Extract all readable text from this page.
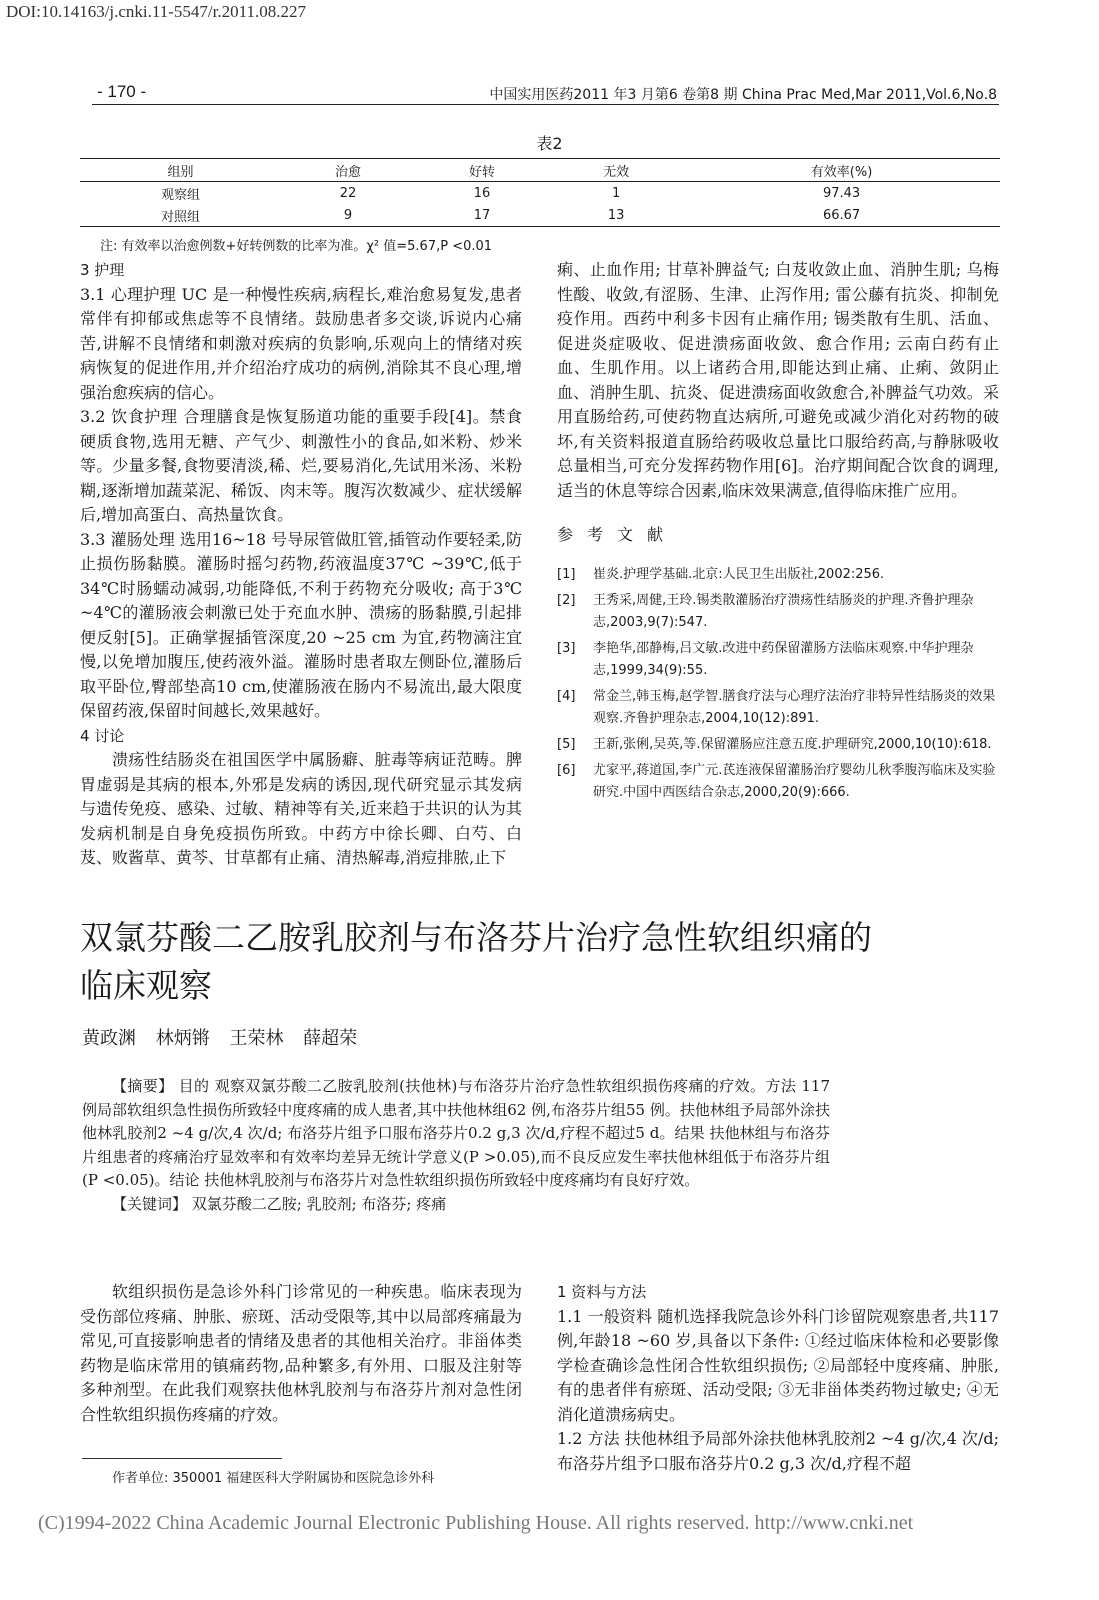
DOI:10.14163/j.cnki.11-5547/r.2011.08.227
- 170 -	中国实用医药2011 年3 月第6 卷第8 期 China Prac Med,Mar 2011,Vol.6,No.8
表2
组别	治愈	好转	无效	有效率(%)
观察组	22	16	1	97.43
对照组	9	17	13	66.67
注: 有效率以治愈例数+好转例数的比率为准。χ² 值=5.67,P <0.01

3 护理

3.1 心理护理 UC 是一种慢性疾病,病程长,难治愈易复发,患者常伴有抑郁或焦虑等不良情绪。鼓励患者多交谈,诉说内心痛苦,讲解不良情绪和刺激对疾病的负影响,乐观向上的情绪对疾病恢复的促进作用,并介绍治疗成功的病例,消除其不良心理,增强治愈疾病的信心。

3.2 饮食护理 合理膳食是恢复肠道功能的重要手段[4]。禁食硬质食物,选用无糖、产气少、刺激性小的食品,如米粉、炒米等。少量多餐,食物要清淡,稀、烂,要易消化,先试用米汤、米粉糊,逐渐增加蔬菜泥、稀饭、肉末等。腹泻次数减少、症状缓解后,增加高蛋白、高热量饮食。

3.3 灌肠处理 选用16~18 号导尿管做肛管,插管动作要轻柔,防止损伤肠黏膜。灌肠时摇匀药物,药液温度37℃ ~39℃,低于34℃时肠蠕动减弱,功能降低,不利于药物充分吸收; 高于3℃ ~4℃的灌肠液会刺激已处于充血水肿、溃疡的肠黏膜,引起排便反射[5]。正确掌握插管深度,20 ~25 cm 为宜,药物滴注宜慢,以免增加腹压,使药液外溢。灌肠时患者取左侧卧位,灌肠后取平卧位,臀部垫高10 cm,使灌肠液在肠内不易流出,最大限度保留药液,保留时间越长,效果越好。

4 讨论

溃疡性结肠炎在祖国医学中属肠癖、脏毒等病证范畴。脾胃虚弱是其病的根本,外邪是发病的诱因,现代研究显示其发病与遗传免疫、感染、过敏、精神等有关,近来趋于共识的认为其发病机制是自身免疫损伤所致。中药方中徐长卿、白芍、白芨、败酱草、黄芩、甘草都有止痛、清热解毒,消痘排脓,止下

痢、止血作用; 甘草补脾益气; 白芨收敛止血、消肿生肌; 乌梅性酸、收敛,有涩肠、生津、止泻作用; 雷公藤有抗炎、抑制免疫作用。西药中利多卡因有止痛作用; 锡类散有生肌、活血、促进炎症吸收、促进溃疡面收敛、愈合作用; 云南白药有止血、生肌作用。以上诸药合用,即能达到止痛、止痢、敛阴止血、消肿生肌、抗炎、促进溃疡面收敛愈合,补脾益气功效。采用直肠给药,可使药物直达病所,可避免或减少消化对药物的破坏,有关资料报道直肠给药吸收总量比口服给药高,与静脉吸收总量相当,可充分发挥药物作用[6]。治疗期间配合饮食的调理,适当的休息等综合因素,临床效果满意,值得临床推广应用。

参考文献

[1]	崔炎.护理学基础.北京:人民卫生出版社,2002:256.
[2]	王秀采,周健,王玲.锡类散灌肠治疗溃疡性结肠炎的护理.齐鲁护理杂志,2003,9(7):547.
[3]	李艳华,邵静梅,吕文敏.改进中药保留灌肠方法临床观察.中华护理杂志,1999,34(9):55.
[4]	常金兰,韩玉梅,赵学智.膳食疗法与心理疗法治疗非特异性结肠炎的效果观察.齐鲁护理杂志,2004,10(12):891.
[5]	王新,张俐,吴英,等.保留灌肠应注意五度.护理研究,2000,10(10):618.
[6]	尤家平,蒋道国,李广元.芪连液保留灌肠治疗婴幼儿秋季腹泻临床及实验研究.中国中西医结合杂志,2000,20(9):666.
双氯芬酸二乙胺乳胶剂与布洛芬片治疗急性软组织痛的临床观察
黄政渊 林炳锵 王荣林 薛超荣

【摘要】 目的 观察双氯芬酸二乙胺乳胶剂(扶他林)与布洛芬片治疗急性软组织损伤疼痛的疗效。方法 117 例局部软组织急性损伤所致轻中度疼痛的成人患者,其中扶他林组62 例,布洛芬片组55 例。扶他林组予局部外涂扶他林乳胶剂2 ~4 g/次,4 次/d; 布洛芬片组予口服布洛芬片0.2 g,3 次/d,疗程不超过5 d。结果 扶他林组与布洛芬片组患者的疼痛治疗显效率和有效率均差异无统计学意义(P >0.05),而不良反应发生率扶他林组低于布洛芬片组(P <0.05)。结论 扶他林乳胶剂与布洛芬片对急性软组织损伤所致轻中度疼痛均有良好疗效。

【关键词】 双氯芬酸二乙胺; 乳胶剂; 布洛芬; 疼痛

软组织损伤是急诊外科门诊常见的一种疾患。临床表现为受伤部位疼痛、肿胀、瘀斑、活动受限等,其中以局部疼痛最为常见,可直接影响患者的情绪及患者的其他相关治疗。非甾体类药物是临床常用的镇痛药物,品种繁多,有外用、口服及注射等多种剂型。在此我们观察扶他林乳胶剂与布洛芬片剂对急性闭合性软组织损伤疼痛的疗效。

1 资料与方法

1.1 一般资料 随机选择我院急诊外科门诊留院观察患者,共117 例,年龄18 ~60 岁,具备以下条件: ①经过临床体检和必要影像学检查确诊急性闭合性软组织损伤; ②局部轻中度疼痛、肿胀,有的患者伴有瘀斑、活动受限; ③无非甾体类药物过敏史; ④无消化道溃疡病史。

1.2 方法 扶他林组予局部外涂扶他林乳胶剂2 ~4 g/次,4 次/d; 布洛芬片组予口服布洛芬片0.2 g,3 次/d,疗程不超

作者单位: 350001 福建医科大学附属协和医院急诊外科
(C)1994-2022 China Academic Journal Electronic Publishing House. All rights reserved. http://www.cnki.net
